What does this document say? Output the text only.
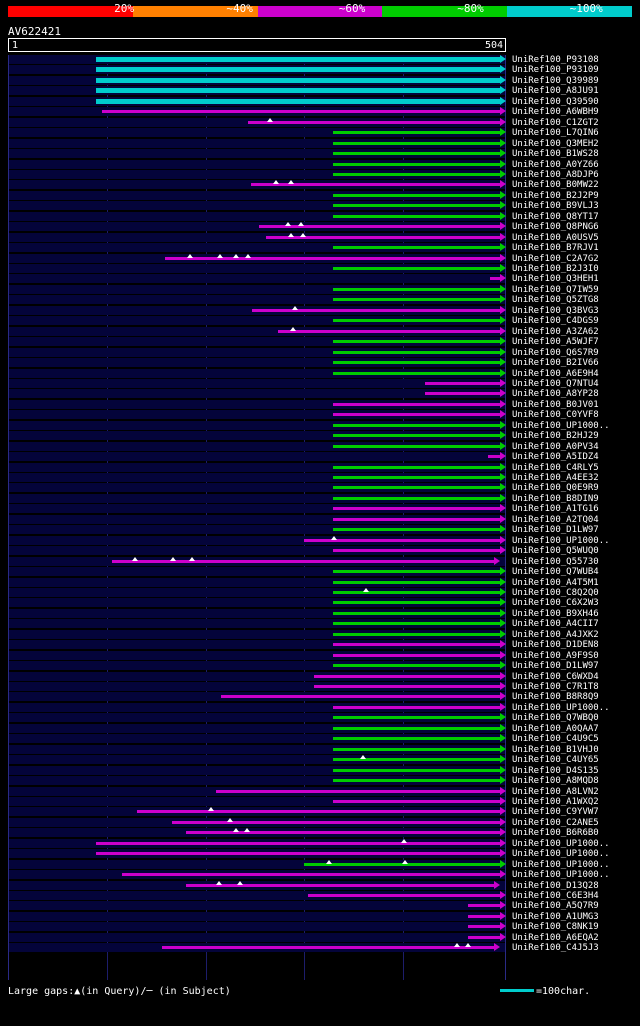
20%	~40%	~60%	~80%	~100%
AV622421
1	504
UniRef100_P93108
UniRef100_P93109
UniRef100_Q39989
UniRef100_A8JU91
UniRef100_Q39590
UniRef100_A6WBH9
UniRef100_C1ZGT2
UniRef100_L7QIN6
UniRef100_Q3MEH2
UniRef100_B1WS28
UniRef100_A0YZ66
UniRef100_A8DJP6
UniRef100_B0MW22
UniRef100_B2J2P9
UniRef100_B9VLJ3
UniRef100_Q8YT17
UniRef100_Q8PNG6
UniRef100_A0USV5
UniRef100_B7RJV1
UniRef100_C2A7G2
UniRef100_B2J3I0
UniRef100_Q3HEH1
UniRef100_Q7IW59
UniRef100_Q5ZTG8
UniRef100_Q3BVG3
UniRef100_C4DGS9
UniRef100_A3ZA62
UniRef100_A5WJF7
UniRef100_Q6S7R9
UniRef100_B2IV66
UniRef100_A6E9H4
UniRef100_Q7NTU4
UniRef100_A8YP28
UniRef100_B0JV01
UniRef100_C0YVF8
UniRef100_UP1000..
UniRef100_B2HJ29
UniRef100_A0PV34
UniRef100_A5IDZ4
UniRef100_C4RLY5
UniRef100_A4EE32
UniRef100_Q0E9R9
UniRef100_B8DIN9
UniRef100_A1TG16
UniRef100_A2TQ04
UniRef100_D1LW97
UniRef100_UP1000..
UniRef100_Q5WUQ0
UniRef100_Q55730
UniRef100_Q7WUB4
UniRef100_A4T5M1
UniRef100_C8Q2Q0
UniRef100_C6X2W3
UniRef100_B9XH46
UniRef100_A4CII7
UniRef100_A4JXK2
UniRef100_D1DEN8
UniRef100_A9F9S0
UniRef100_D1LW97
UniRef100_C6WXD4
UniRef100_C7R1T8
UniRef100_B8R8Q9
UniRef100_UP1000..
UniRef100_Q7WBQ0
UniRef100_A0QAA7
UniRef100_C4U9C5
UniRef100_B1VHJ0
UniRef100_C4UY65
UniRef100_D4S135
UniRef100_A8MQD8
UniRef100_A8LVN2
UniRef100_A1WXQ2
UniRef100_C9YVW7
UniRef100_C2ANE5
UniRef100_B6R6B0
UniRef100_UP1000..
UniRef100_UP1000..
UniRef100_UP1000..
UniRef100_UP1000..
UniRef100_D13Q28
UniRef100_C6E3H4
UniRef100_A5Q7R9
UniRef100_A1UMG3
UniRef100_C8NK19
UniRef100_A6EQA2
UniRef100_C4J5J3
Large gaps:▲(in Query)/─ (in Subject)	=100char.
